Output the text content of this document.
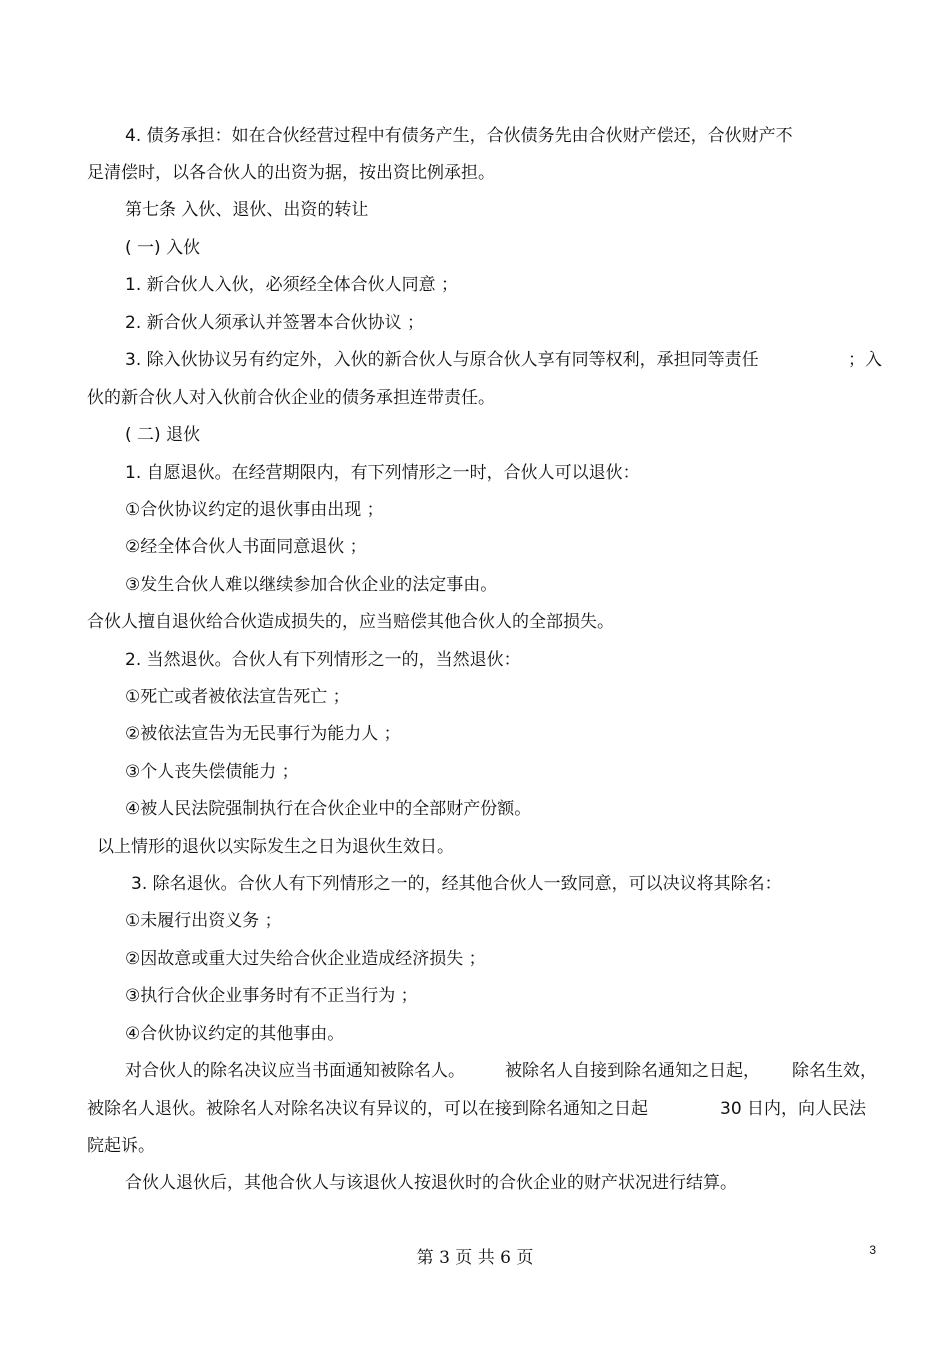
4. 债务承担：如在合伙经营过程中有债务产生，合伙债务先由合伙财产偿还，合伙财产不
足清偿时，以各合伙人的出资为据，按出资比例承担。
第七条 入伙、退伙、出资的转让
( 一) 入伙
1. 新合伙人入伙，必须经全体合伙人同意 ；
2. 新合伙人须承认并签署本合伙协议 ；
3. 除入伙协议另有约定外，入伙的新合伙人与原合伙人享有同等权利，承担同等责任	；入
伙的新合伙人对入伙前合伙企业的债务承担连带责任。
( 二) 退伙
1. 自愿退伙。在经营期限内，有下列情形之一时，合伙人可以退伙：
①合伙协议约定的退伙事由出现 ；
②经全体合伙人书面同意退伙 ；
③发生合伙人难以继续参加合伙企业的法定事由。
合伙人擅自退伙给合伙造成损失的，应当赔偿其他合伙人的全部损失。
2. 当然退伙。合伙人有下列情形之一的，当然退伙：
①死亡或者被依法宣告死亡 ；
②被依法宣告为无民事行为能力人 ；
③个人丧失偿债能力 ；
④被人民法院强制执行在合伙企业中的全部财产份额。
以上情形的退伙以实际发生之日为退伙生效日。
3. 除名退伙。合伙人有下列情形之一的，经其他合伙人一致同意，可以决议将其除名：
①未履行出资义务 ；
②因故意或重大过失给合伙企业造成经济损失 ；
③执行合伙企业事务时有不正当行为 ；
④合伙协议约定的其他事由。
对合伙人的除名决议应当书面通知被除名人。 被除名人自接到除名通知之日起， 除名生效，
被除名人退伙。被除名人对除名决议有异议的，可以在接到除名通知之日起	30 日内，向人民法
院起诉。
合伙人退伙后，其他合伙人与该退伙人按退伙时的合伙企业的财产状况进行结算。
第 3 页 共 6 页	3
